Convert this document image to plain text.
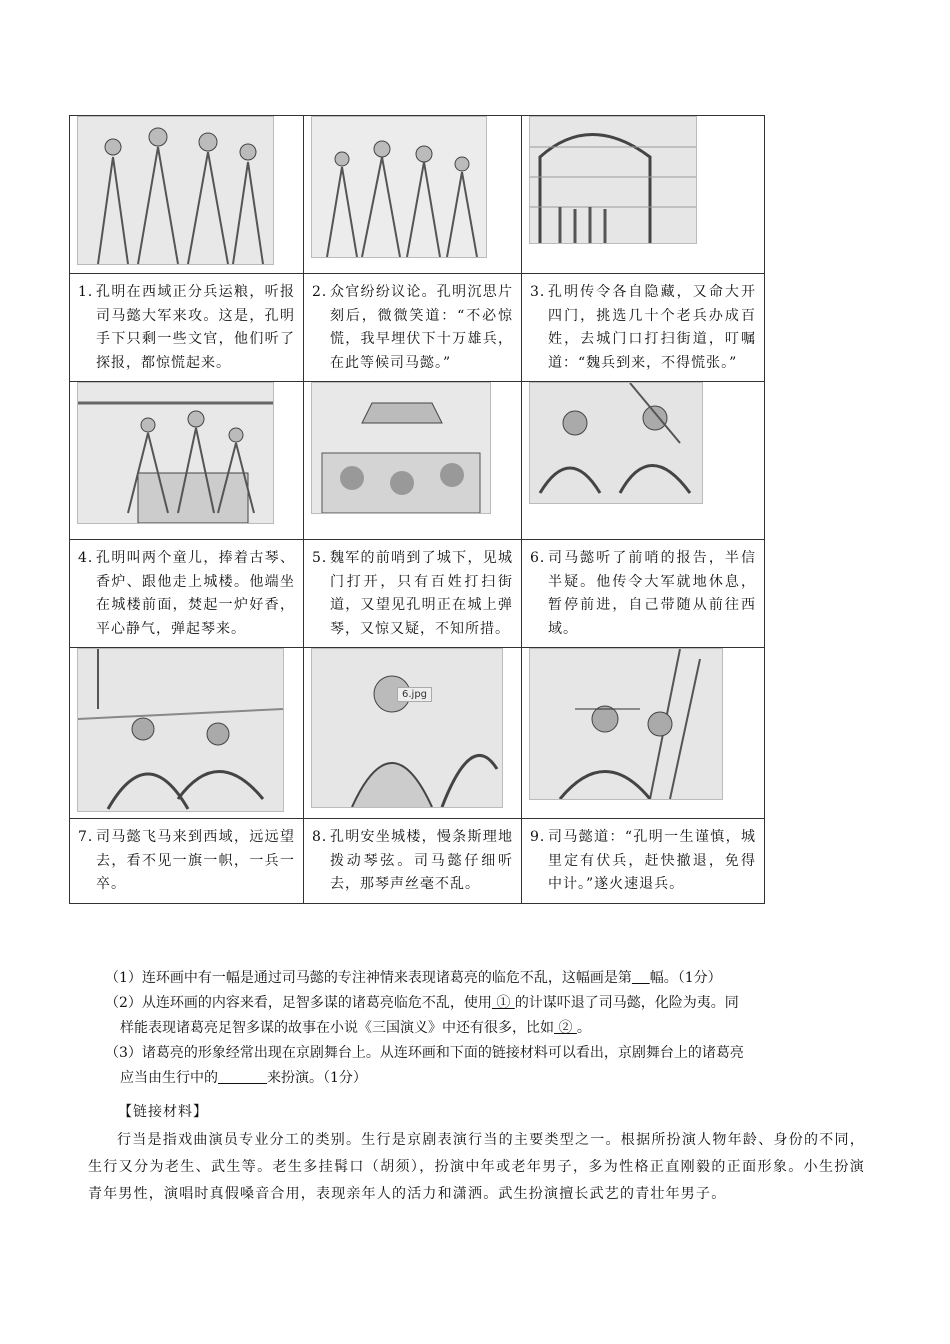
1．
孔明在西域正分兵运粮，听报司马懿大军来攻。这是，孔明手下只剩一些文官，他们听了探报，都惊慌起来。	2．
众官纷纷议论。孔明沉思片刻后，微微笑道：“不必惊慌，我早埋伏下十万雄兵，在此等候司马懿。”	3．
孔明传令各自隐藏，又命大开四门，挑选几十个老兵办成百姓，去城门口打扫街道，叮嘱道：“魏兵到来，不得慌张。”

4．
孔明叫两个童儿，捧着古琴、香炉、跟他走上城楼。他端坐在城楼前面，焚起一炉好香，平心静气，弹起琴来。	5．
魏军的前哨到了城下，见城门打开，只有百姓打扫街道，又望见孔明正在城上弹琴，又惊又疑，不知所措。	6．
司马懿听了前哨的报告，半信半疑。他传令大军就地休息，暂停前进，自己带随从前往西域。

6.jpg

7．
司马懿飞马来到西域，远远望去，看不见一旗一帜，一兵一卒。	8．
孔明安坐城楼，慢条斯理地拨动琴弦。司马懿仔细听去，那琴声丝毫不乱。	9．
司马懿道：“孔明一生谨慎，城里定有伏兵，赶快撤退，免得中计。”遂火速退兵。

（1）连环画中有一幅是通过司马懿的专注神情来表现诸葛亮的临危不乱，这幅画是第 幅。（1分）

（2）从连环画的内容来看，足智多谋的诸葛亮临危不乱，使用 ① 的计谋吓退了司马懿，化险为夷。同

样能表现诸葛亮足智多谋的故事在小说《三国演义》中还有很多，比如 ② 。

（3）诸葛亮的形象经常出现在京剧舞台上。从连环画和下面的链接材料可以看出，京剧舞台上的诸葛亮

应当由生行中的	来扮演。（1分）

【链接材料】
行当是指戏曲演员专业分工的类别。生行是京剧表演行当的主要类型之一。根据所扮演人物年龄、身份的不同，生行又分为老生、武生等。老生多挂髯口（胡须），扮演中年或老年男子，多为性格正直刚毅的正面形象。小生扮演青年男性，演唱时真假嗓音合用，表现亲年人的活力和潇洒。武生扮演擅长武艺的青壮年男子。
